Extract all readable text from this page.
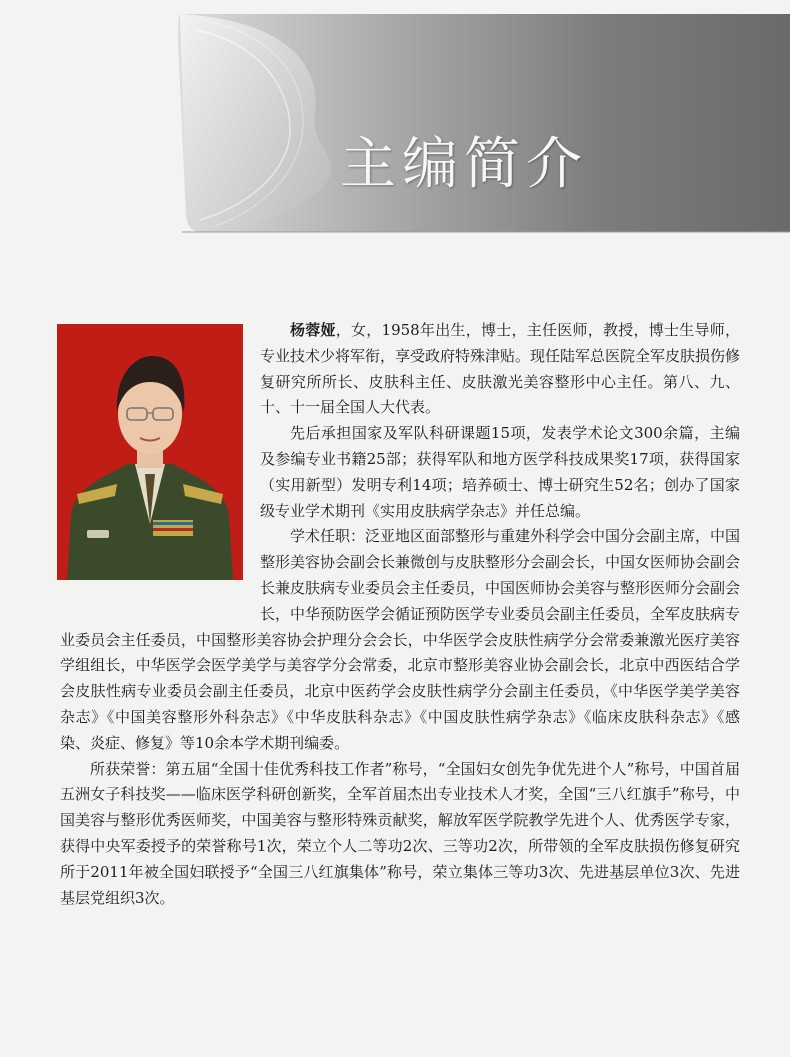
主编简介

杨蓉娅，女，1958年出生，博士，主任医师，教授，博士生导师，专业技术少将军衔，享受政府特殊津贴。现任陆军总医院全军皮肤损伤修复研究所所长、皮肤科主任、皮肤激光美容整形中心主任。第八、九、十、十一届全国人大代表。

先后承担国家及军队科研课题15项，发表学术论文300余篇，主编及参编专业书籍25部；获得军队和地方医学科技成果奖17项，获得国家（实用新型）发明专利14项；培养硕士、博士研究生52名；创办了国家级专业学术期刊《实用皮肤病学杂志》并任总编。

学术任职：泛亚地区面部整形与重建外科学会中国分会副主席，中国整形美容协会副会长兼微创与皮肤整形分会副会长，中国女医师协会副会长兼皮肤病专业委员会主任委员，中国医师协会美容与整形医师分会副会长，中华预防医学会循证预防医学专业委员会副主任委员，全军皮肤病专业委员会主任委员，中国整形美容协会护理分会会长，中华医学会皮肤性病学分会常委兼激光医疗美容学组组长，中华医学会医学美学与美容学分会常委，北京市整形美容业协会副会长，北京中西医结合学会皮肤性病专业委员会副主任委员，北京中医药学会皮肤性病学分会副主任委员，《中华医学美学美容杂志》《中国美容整形外科杂志》《中华皮肤科杂志》《中国皮肤性病学杂志》《临床皮肤科杂志》《感染、炎症、修复》等10余本学术期刊编委。

所获荣誉：第五届“全国十佳优秀科技工作者”称号，“全国妇女创先争优先进个人”称号，中国首届五洲女子科技奖——临床医学科研创新奖，全军首届杰出专业技术人才奖，全国“三八红旗手”称号，中国美容与整形优秀医师奖，中国美容与整形特殊贡献奖，解放军医学院教学先进个人、优秀医学专家，获得中央军委授予的荣誉称号1次，荣立个人二等功2次、三等功2次，所带领的全军皮肤损伤修复研究所于2011年被全国妇联授予“全国三八红旗集体”称号，荣立集体三等功3次、先进基层单位3次、先进基层党组织3次。
